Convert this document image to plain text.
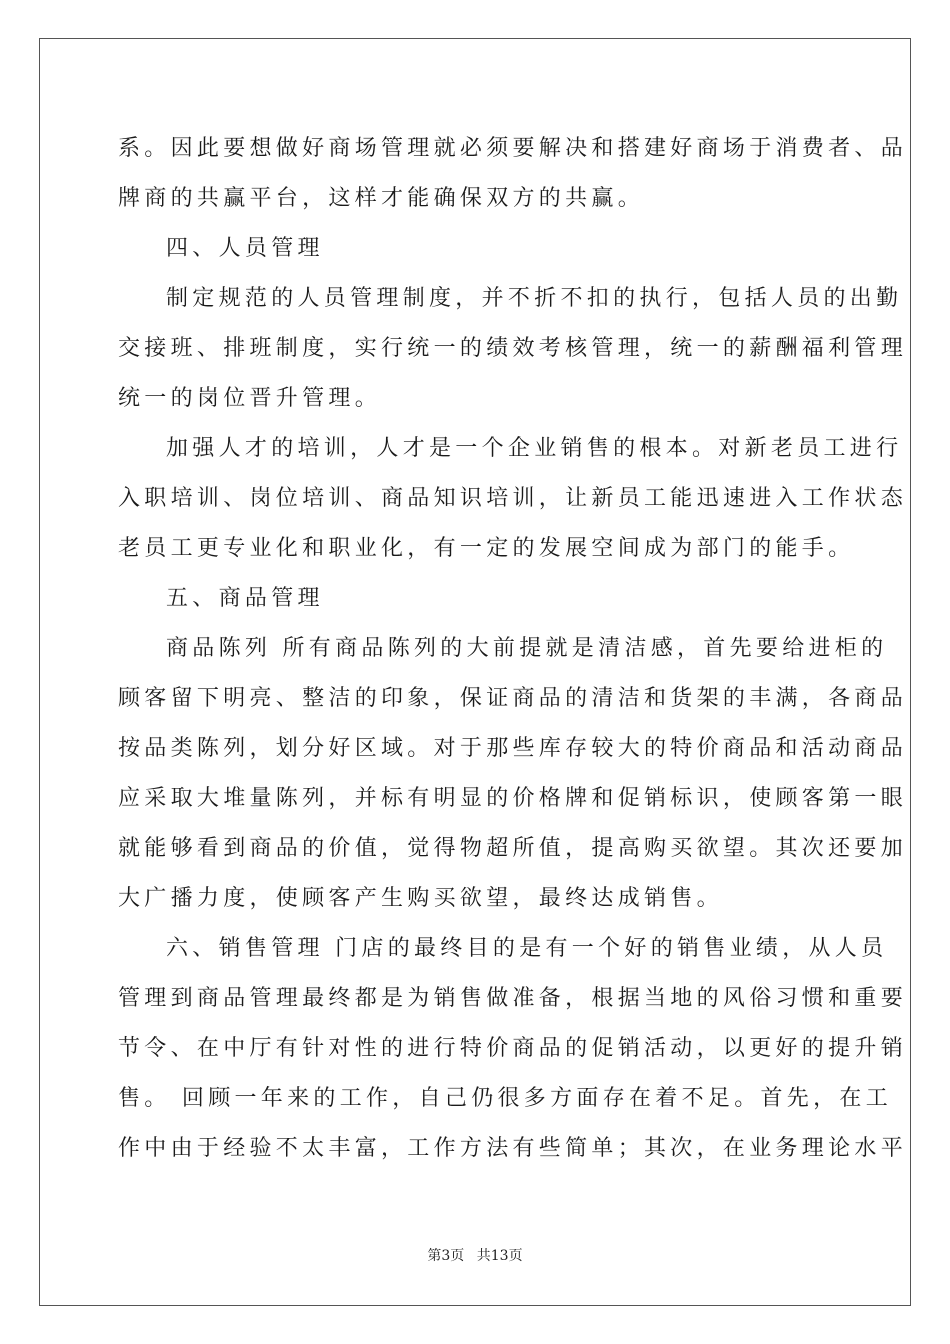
系。因此要想做好商场管理就必须要解决和搭建好商场于消费者、品
牌商的共赢平台，这样才能确保双方的共赢。
四、人员管理
制定规范的人员管理制度，并不折不扣的执行，包括人员的出勤
交接班、排班制度，实行统一的绩效考核管理，统一的薪酬福利管理
统一的岗位晋升管理。
加强人才的培训，人才是一个企业销售的根本。对新老员工进行
入职培训、岗位培训、商品知识培训，让新员工能迅速进入工作状态
老员工更专业化和职业化，有一定的发展空间成为部门的能手。
五、商品管理
商品陈列 所有商品陈列的大前提就是清洁感，首先要给进柜的
顾客留下明亮、整洁的印象，保证商品的清洁和货架的丰满，各商品
按品类陈列，划分好区域。对于那些库存较大的特价商品和活动商品
应采取大堆量陈列，并标有明显的价格牌和促销标识，使顾客第一眼
就能够看到商品的价值，觉得物超所值，提高购买欲望。其次还要加
大广播力度，使顾客产生购买欲望，最终达成销售。
六、销售管理 门店的最终目的是有一个好的销售业绩，从人员
管理到商品管理最终都是为销售做准备，根据当地的风俗习惯和重要
节令、在中厅有针对性的进行特价商品的促销活动，以更好的提升销
售。 回顾一年来的工作，自己仍很多方面存在着不足。首先，在工
作中由于经验不太丰富，工作方法有些简单；其次，在业务理论水平
第3页 共13页
